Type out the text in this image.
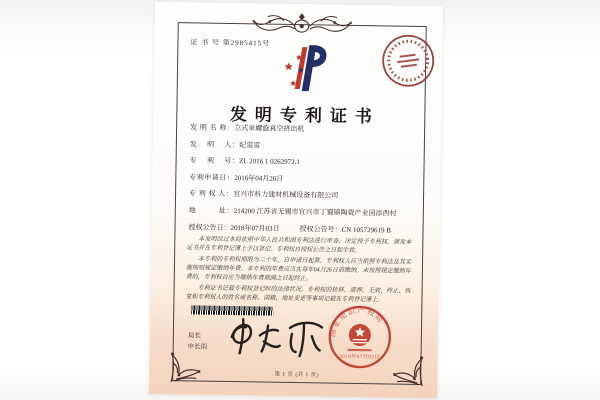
证 书 号 第2985415号
发明专利证书
发 明 名 称：立式单螺旋真空挤出机
发　 明　 人：纪雷雷
专　 利　 号：ZL 2016 1 0262972.1
专利申请日：2016年04月26日
专 利 权 人：宜兴市科力建材机械设备有限公司
地　　　址：214200 江苏省无锡市宜兴市丁蜀镇陶瓷产业园添西村
授权公告日：2018年07月03日	授权公告号：CN 105729619 B

本发明经过本局依照中华人民共和国专利法进行审查，决定授予专利权，颁发本证书并在专利登记簿上予以登记。专利权自授权公告之日起生效。

本专利的专利权期限为二十年，自申请日起算。专利权人应当依照专利法及其实施细则规定缴纳年费。本专利的年费应当在每年04月26日前缴纳。未按照规定缴纳年费的，专利权自应当缴纳年费期满之日起终止。

专利证书记载专利权登记时的法律状况。专利权的转移、质押、无效、终止、恢复和专利权人的姓名或名称、国籍、地址变更等事项记载在专利登记簿上。

局长
申长雨
国家知识产权局
2018年07月03日
第 1 页 (共 1 页)
